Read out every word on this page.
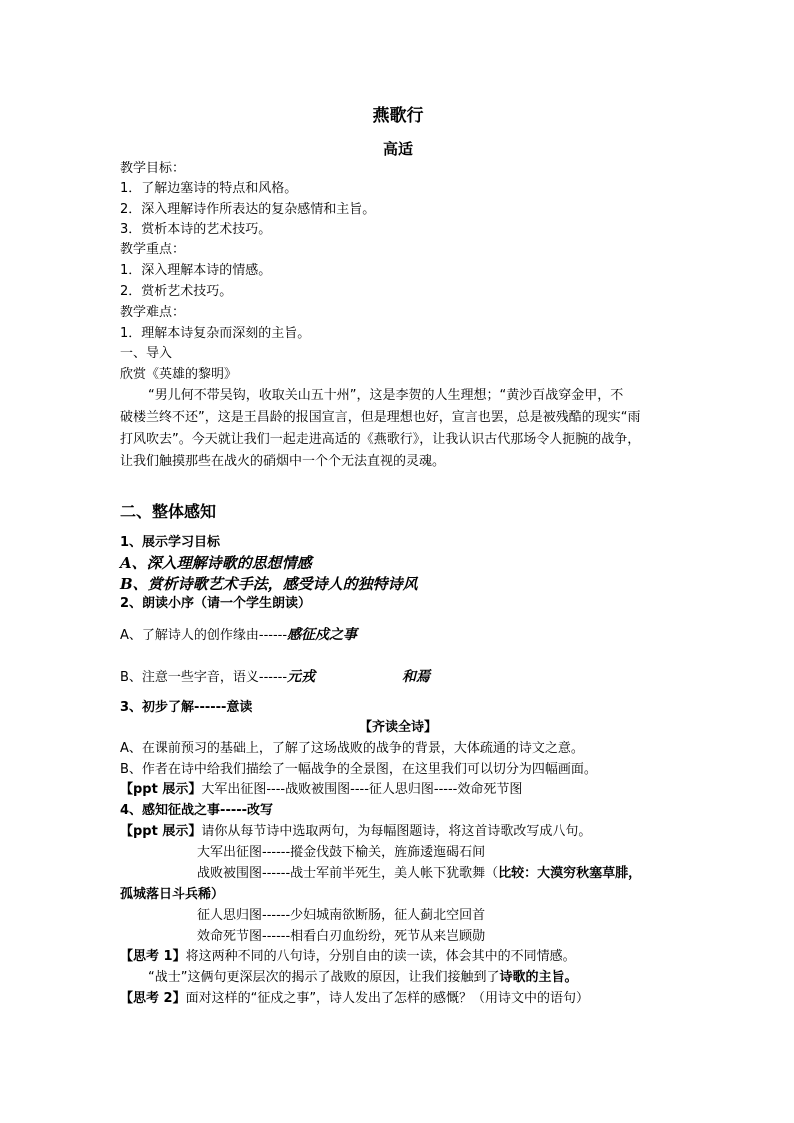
燕歌行
高适
教学目标：
1．了解边塞诗的特点和风格。
2．深入理解诗作所表达的复杂感情和主旨。
3．赏析本诗的艺术技巧。
教学重点：
1．深入理解本诗的情感。
2．赏析艺术技巧。
教学难点：
1．理解本诗复杂而深刻的主旨。
一、导入
欣赏《英雄的黎明》
“男儿何不带吴钩，收取关山五十州”，这是李贺的人生理想；“黄沙百战穿金甲，不
破楼兰终不还”，这是王昌龄的报国宣言，但是理想也好，宣言也罢，总是被残酷的现实“雨
打风吹去”。今天就让我们一起走进高适的《燕歌行》，让我认识古代那场令人扼腕的战争，
让我们触摸那些在战火的硝烟中一个个无法直视的灵魂。
二、整体感知
1、展示学习目标
A、深入理解诗歌的思想情感
B、赏析诗歌艺术手法，感受诗人的独特诗风
2、朗读小序（请一个学生朗读）
A、了解诗人的创作缘由------感征戍之事
B、注意一些字音，语义------元戎	和焉
3、初步了解------意读
【齐读全诗】
A、在课前预习的基础上，了解了这场战败的战争的背景，大体疏通的诗文之意。
B、作者在诗中给我们描绘了一幅战争的全景图，在这里我们可以切分为四幅画面。
【ppt 展示】大军出征图----战败被围图----征人思归图-----效命死节图
4、感知征战之事-----改写
【ppt 展示】请你从每节诗中选取两句，为每幅图题诗，将这首诗歌改写成八句。
大军出征图------摐金伐鼓下榆关，旌旆逶迤碣石间
战败被围图------战士军前半死生，美人帐下犹歌舞（比较：大漠穷秋塞草腓，
孤城落日斗兵稀）
征人思归图------少妇城南欲断肠，征人蓟北空回首
效命死节图------相看白刃血纷纷，死节从来岂顾勋
【思考 1】将这两种不同的八句诗，分别自由的读一读，体会其中的不同情感。
“战士”这俩句更深层次的揭示了战败的原因，让我们接触到了诗歌的主旨。
【思考 2】面对这样的“征戍之事”，诗人发出了怎样的感慨？（用诗文中的语句）
